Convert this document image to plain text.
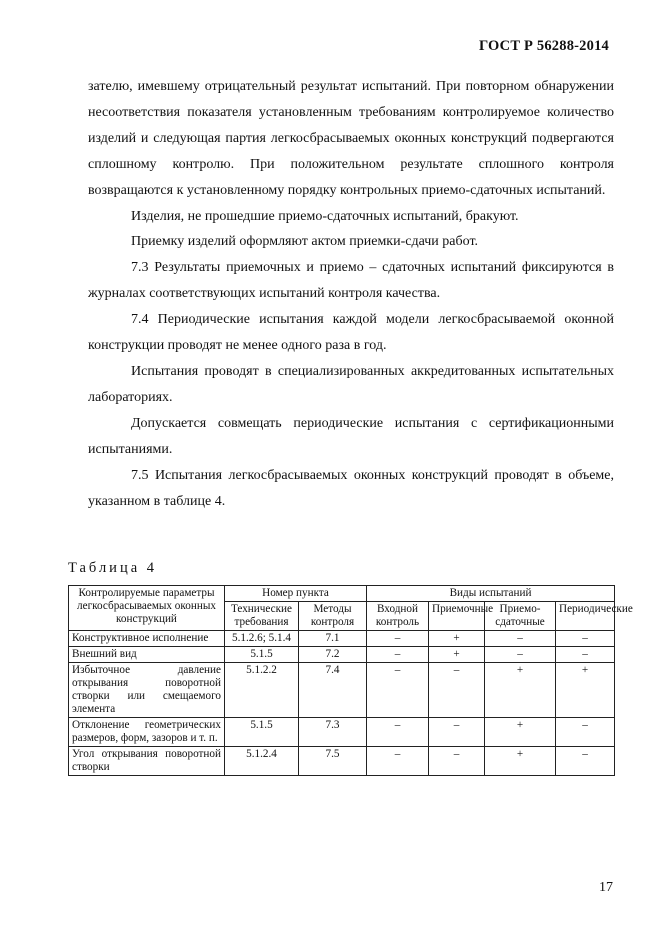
ГОСТ Р 56288-2014

зателю, имевшему отрицательный результат испытаний. При повторном обнаружении несоответствия показателя установленным требованиям контролируемое количество изделий и следующая партия легкосбрасываемых оконных конструкций подвергаются сплошному контролю. При положительном результате сплошного контроля возвращаются к установленному порядку контрольных приемо-сдаточных испытаний.

Изделия, не прошедшие приемо-сдаточных испытаний, бракуют.

Приемку изделий оформляют актом приемки-сдачи работ.

7.3 Результаты приемочных и приемо – сдаточных испытаний фиксируются в журналах соответствующих испытаний контроля качества.

7.4 Периодические испытания каждой модели легкосбрасываемой оконной конструкции проводят не менее одного раза в год.

Испытания проводят в специализированных аккредитованных испытательных лабораториях.

Допускается совмещать периодические испытания с сертификационными испытаниями.

7.5 Испытания легкосбрасываемых оконных конструкций проводят в объеме, указанном в таблице 4.

Таблица 4
Контролируемые параметры легкосбрасываемых оконных конструкций	Номер пункта		Виды испытаний			
	Технические требования	Методы контроля	Входной контроль	Приемочные	Приемо-сдаточные	Периодические
Конструктивное исполнение	5.1.2.6; 5.1.4	7.1	–	+	–	–
Внешний вид	5.1.5	7.2	–	+	–	–
Избыточное давление открывания поворотной створки или смещаемого элемента	5.1.2.2	7.4	–	–	+	+
Отклонение геометрических размеров, форм, зазоров и т. п.	5.1.5	7.3	–	–	+	–
Угол открывания поворотной створки	5.1.2.4	7.5	–	–	+	–
17
